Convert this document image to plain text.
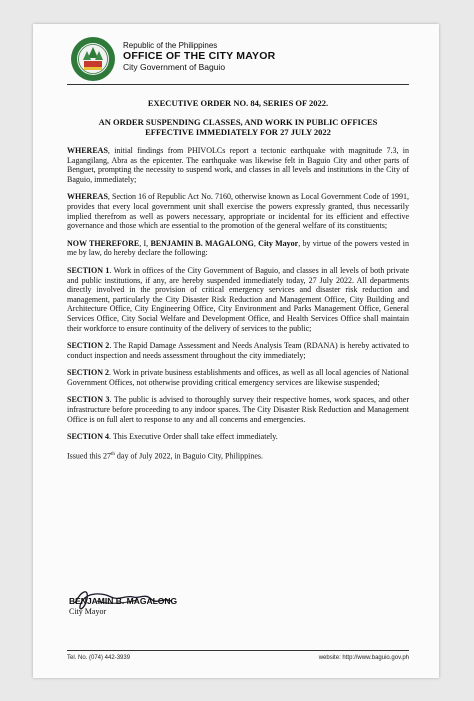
Republic of the Philippines
OFFICE OF THE CITY MAYOR
City Government of Baguio
EXECUTIVE ORDER NO. 84, SERIES OF 2022.
AN ORDER SUSPENDING CLASSES, AND WORK IN PUBLIC OFFICES
EFFECTIVE IMMEDIATELY FOR 27 JULY 2022

WHEREAS, initial findings from PHIVOLCs report a tectonic earthquake with magnitude 7.3, in Lagangilang, Abra as the epicenter. The earthquake was likewise felt in Baguio City and other parts of Benguet, prompting the necessity to suspend work, and classes in all levels and institutions in the City of Baguio, immediately;

WHEREAS, Section 16 of Republic Act No. 7160, otherwise known as Local Government Code of 1991, provides that every local government unit shall exercise the powers expressly granted, thus necessarily implied therefrom as well as powers necessary, appropriate or incidental for its efficient and effective governance and those which are essential to the promotion of the general welfare of its constituents;

NOW THEREFORE, I, BENJAMIN B. MAGALONG, City Mayor, by virtue of the powers vested in me by law, do hereby declare the following:

SECTION 1. Work in offices of the City Government of Baguio, and classes in all levels of both private and public institutions, if any, are hereby suspended immediately today, 27 July 2022. All departments directly involved in the provision of critical emergency services and disaster risk reduction and management, particularly the City Disaster Risk Reduction and Management Office, City Building and Architecture Office, City Engineering Office, City Environment and Parks Management Office, General Services Office, City Social Welfare and Development Office, and Health Services Office shall maintain their workforce to ensure continuity of the delivery of services to the public;

SECTION 2. The Rapid Damage Assessment and Needs Analysis Team (RDANA) is hereby activated to conduct inspection and needs assessment throughout the city immediately;

SECTION 2. Work in private business establishments and offices, as well as all local agencies of National Government Offices, not otherwise providing critical emergency services are likewise suspended;

SECTION 3. The public is advised to thoroughly survey their respective homes, work spaces, and other infrastructure before proceeding to any indoor spaces. The City Disaster Risk Reduction and Management Office is on full alert to response to any and all concerns and emergencies.

SECTION 4. This Executive Order shall take effect immediately.

Issued this 27th day of July 2022, in Baguio City, Philippines.

BENJAMIN B. MAGALONG
City Mayor
Tel. No. (074) 442-3939	website: http://www.baguio.gov.ph
